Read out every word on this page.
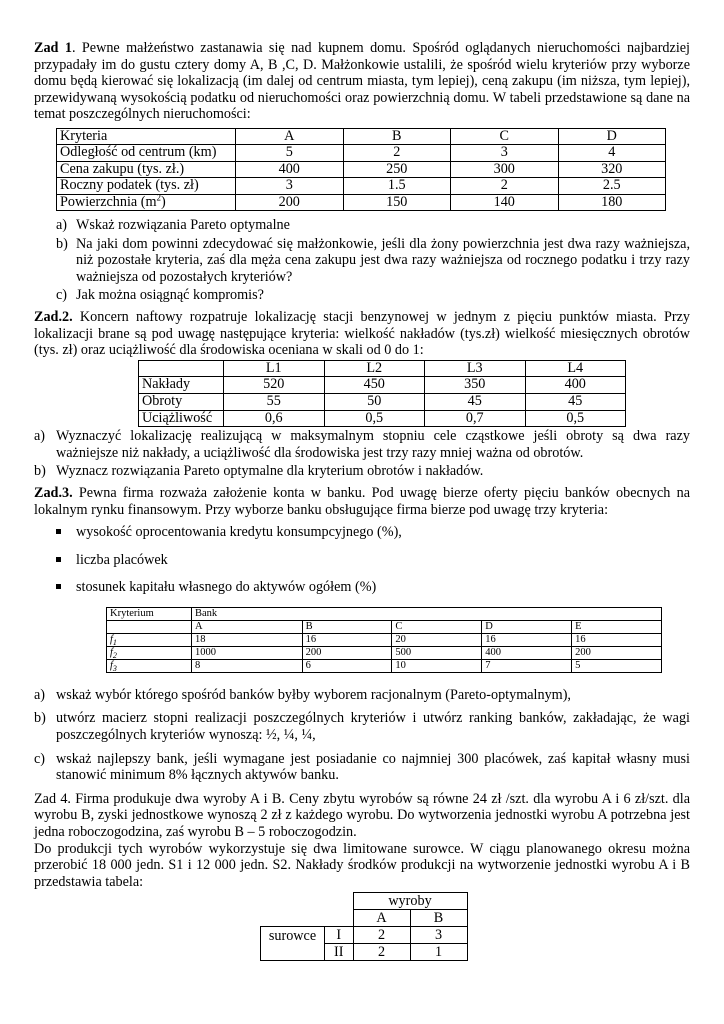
Zad 1. Pewne małżeństwo zastanawia się nad kupnem domu. Spośród oglądanych nieruchomości najbardziej przypadały im do gustu cztery domy A, B ,C, D. Małżonkowie ustalili, że spośród wielu kryteriów przy wyborze domu będą kierować się lokalizacją (im dalej od centrum miasta, tym lepiej), ceną zakupu (im niższa, tym lepiej), przewidywaną wysokością podatku od nieruchomości oraz powierzchnią domu. W tabeli przedstawione są dane na temat poszczególnych nieruchomości:

Kryteria	A	B	C	D
Odległość od centrum (km)	5	2	3	4
Cena zakupu (tys. zł.)	400	250	300	320
Roczny podatek (tys. zł)	3	1.5	2	2.5
Powierzchnia $(m^2)$	200	150	140	180
a) Wskaż rozwiązania Pareto optymalne
b) Na jaki dom powinni zdecydować się małżonkowie, jeśli dla żony powierzchnia jest dwa razy ważniejsza, niż pozostałe kryteria, zaś dla męża cena zakupu jest dwa razy ważniejsza od rocznego podatku i trzy razy ważniejsza od pozostałych kryteriów?
c) Jak można osiągnąć kompromis?

Zad.2. Koncern naftowy rozpatruje lokalizację stacji benzynowej w jednym z pięciu punktów miasta. Przy lokalizacji brane są pod uwagę następujące kryteria: wielkość nakładów (tys.zł) wielkość miesięcznych obrotów (tys. zł) oraz uciążliwość dla środowiska oceniana w skali od 0 do 1:

	L1	L2	L3	L4
Nakłady	520	450	350	400
Obroty	55	50	45	45
Uciążliwość	0,6	0,5	0,7	0,5
a) Wyznaczyć lokalizację realizującą w maksymalnym stopniu cele cząstkowe jeśli obroty są dwa razy ważniejsze niż nakłady, a uciążliwość dla środowiska jest trzy razy mniej ważna od obrotów.
b) Wyznacz rozwiązania Pareto optymalne dla kryterium obrotów i nakładów.

Zad.3. Pewna firma rozważa założenie konta w banku. Pod uwagę bierze oferty pięciu banków obecnych na lokalnym rynku finansowym. Przy wyborze banku obsługujące firma bierze pod uwagę trzy kryteria:

wysokość oprocentowania kredytu konsumpcyjnego (%),
liczba placówek
stosunek kapitału własnego do aktywów ogółem (%)
Kryterium	Bank				
	A	B	C	D	E
$f_1$	18	16	20	16	16
$f_2$	1000	200	500	400	200
$f_3$	8	6	10	7	5
a) wskaż wybór którego spośród banków byłby wyborem racjonalnym (Pareto-optymalnym),
b) utwórz macierz stopni realizacji poszczególnych kryteriów i utwórz ranking banków, zakładając, że wagi poszczególnych kryteriów wynoszą: ½, ¼, ¼,
c) wskaż najlepszy bank, jeśli wymagane jest posiadanie co najmniej 300 placówek, zaś kapitał własny musi stanowić minimum 8% łącznych aktywów banku.

Zad 4. Firma produkuje dwa wyroby A i B. Ceny zbytu wyrobów są równe 24 zł /szt. dla wyrobu A i 6 zł/szt. dla wyrobu B, zyski jednostkowe wynoszą 2 zł z każdego wyrobu. Do wytworzenia jednostki wyrobu A potrzebna jest jedna roboczogodzina, zaś wyrobu B – 5 roboczogodzin.

Do produkcji tych wyrobów wykorzystuje się dwa limitowane surowce. W ciągu planowanego okresu można przerobić 18 000 jedn. S1 i 12 000 jedn. S2. Nakłady środków produkcji na wytworzenie jednostki wyrobu A i B przedstawia tabela:

		wyroby	
		A	B
surowce	I	2	3
	II	2	1
